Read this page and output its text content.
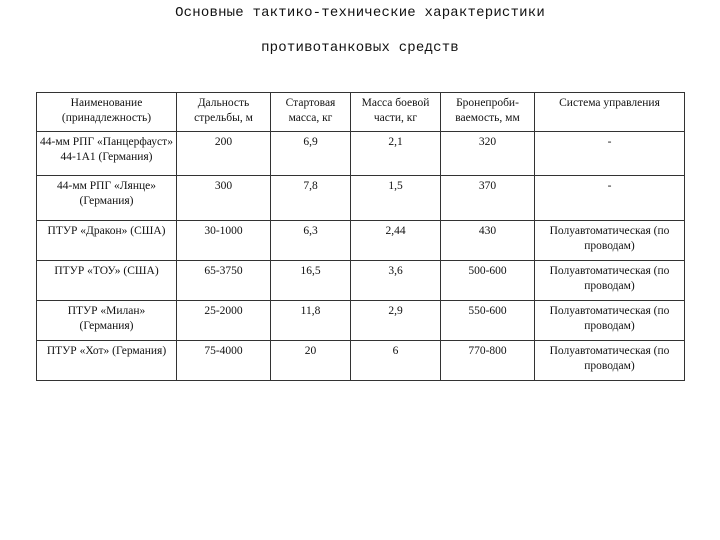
Основные тактико-технические характеристики
противотанковых средств
Наименование (принадлежность)	Дальность стрельбы, м	Стартовая масса, кг	Масса боевой части, кг	Бронепроби- ваемость, мм	Система управления
44-мм РПГ «Панцерфауст» 44-1А1 (Германия)	200	6,9	2,1	320	-
44-мм РПГ «Лянце» (Германия)	300	7,8	1,5	370	-
ПТУР «Дракон» (США)	30-1000	6,3	2,44	430	Полуавтоматическая (по проводам)
ПТУР «ТОУ» (США)	65-3750	16,5	3,6	500-600	Полуавтоматическая (по проводам)
ПТУР «Милан» (Германия)	25-2000	11,8	2,9	550-600	Полуавтоматическая (по проводам)
ПТУР «Хот» (Германия)	75-4000	20	6	770-800	Полуавтоматическая (по проводам)
